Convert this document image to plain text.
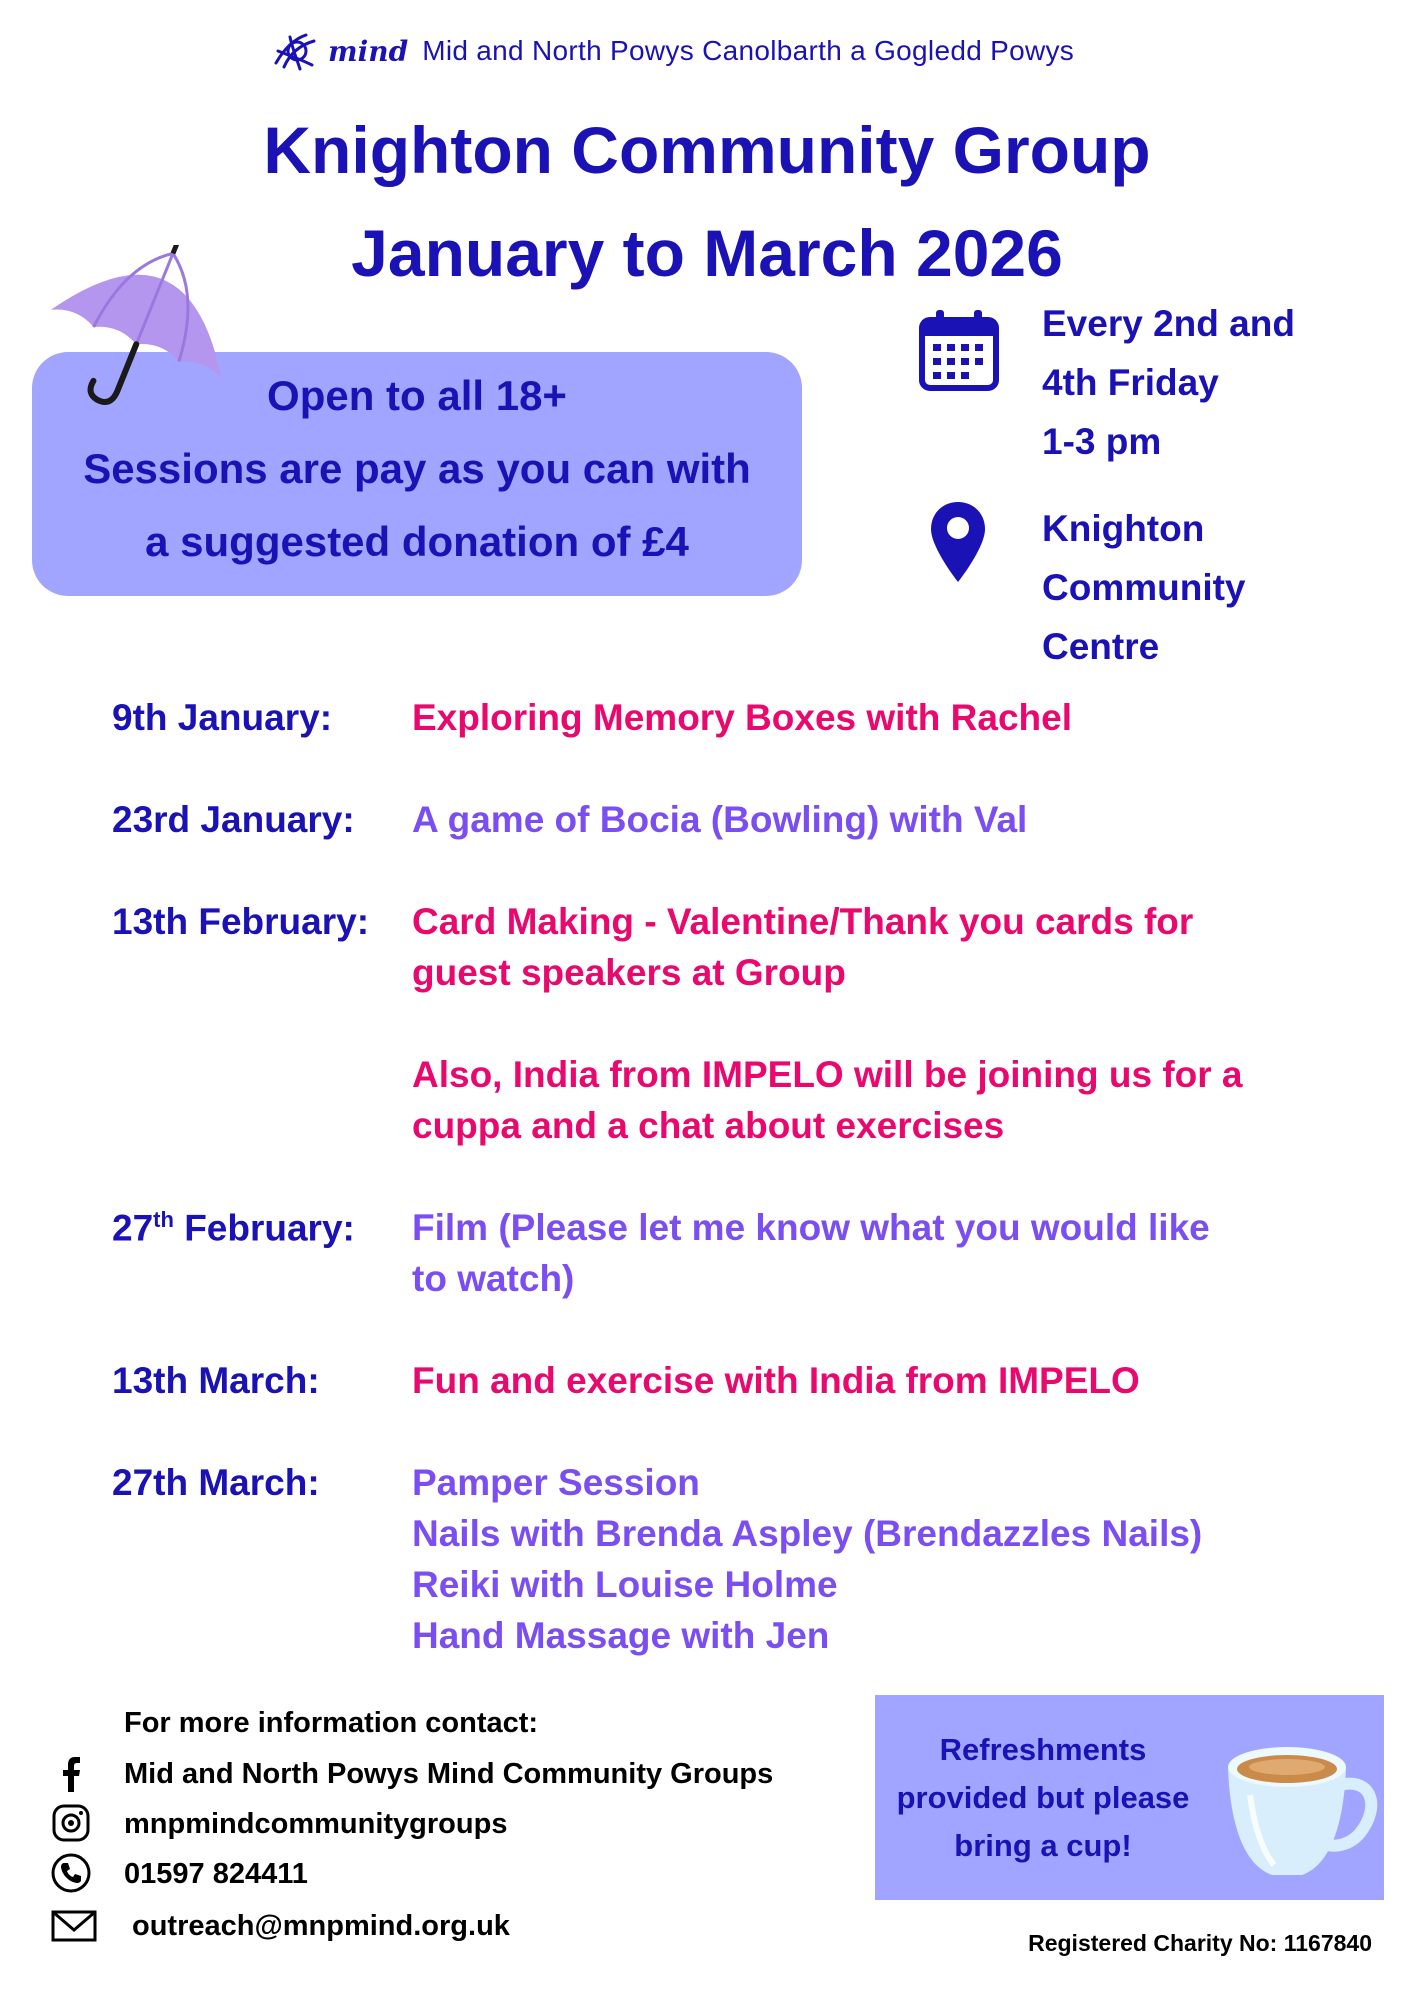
mind Mid and North Powys Canolbarth a Gogledd Powys
Knighton Community Group
January to March 2026
Open to all 18+
Sessions are pay as you can with
a suggested donation of £4
Every 2nd and
4th Friday
1-3 pm
Knighton
Community
Centre
9th January: Exploring Memory Boxes with Rachel
23rd January: A game of Bocia (Bowling) with Val
13th February: Card Making - Valentine/Thank you cards for
guest speakers at Group
Also, India from IMPELO will be joining us for a
cuppa and a chat about exercises
27th February: Film (Please let me know what you would like
to watch)
13th March: Fun and exercise with India from IMPELO
27th March: Pamper Session
Nails with Brenda Aspley (Brendazzles Nails)
Reiki with Louise Holme
Hand Massage with Jen
For more information contact:
Mid and North Powys Mind Community Groups
mnpmindcommunitygroups
01597 824411
outreach@mnpmind.org.uk
Refreshments
provided but please
bring a cup!
Registered Charity No: 1167840
